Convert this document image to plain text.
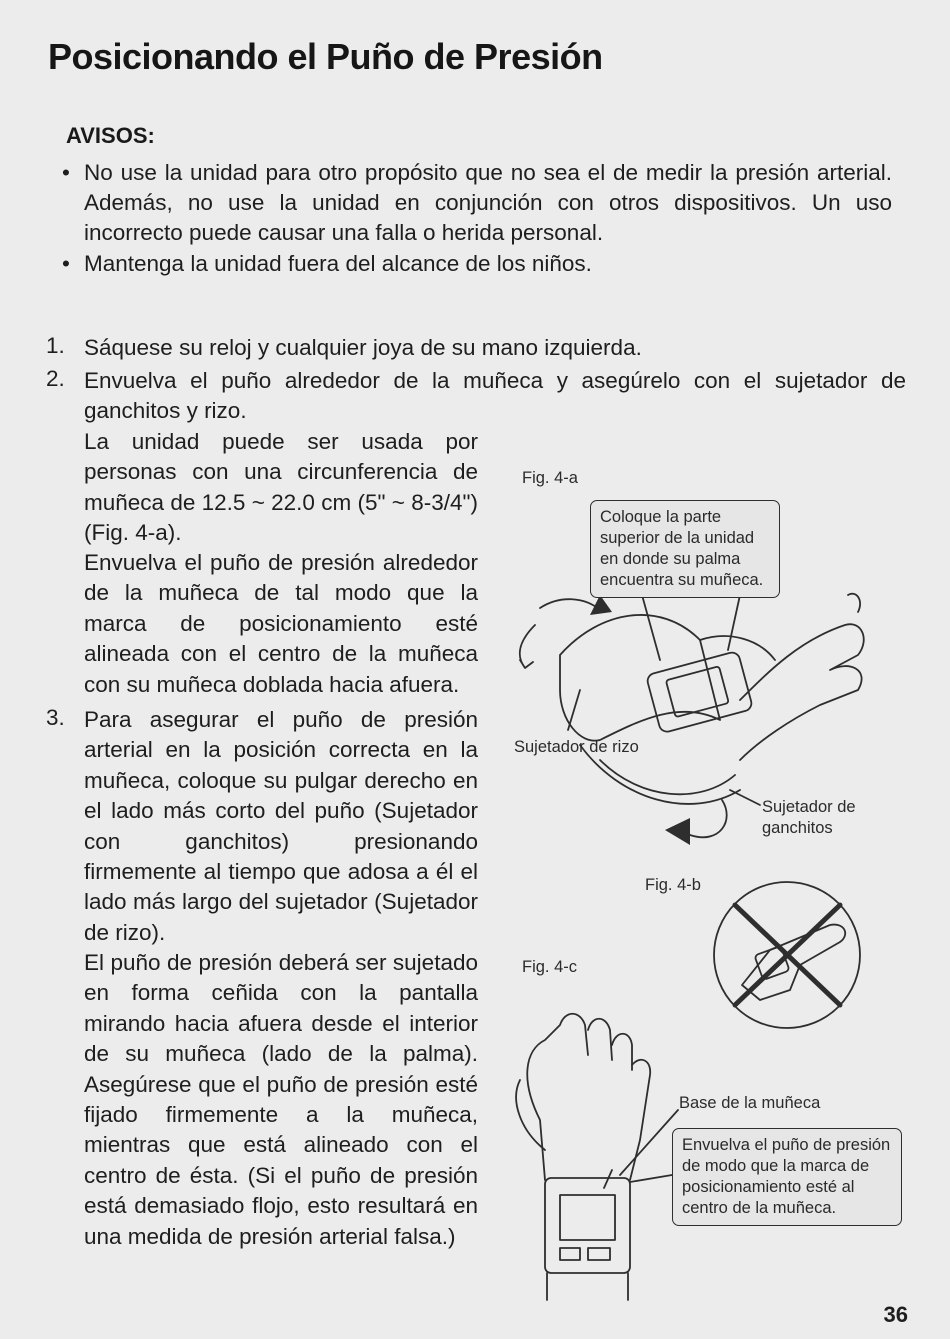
Posicionando el Puño de Presión
AVISOS:
• No use la unidad para otro propósito que no sea el de medir la presión arterial. Además, no use la unidad en conjunción con otros dispositivos. Un uso incorrecto puede causar una falla o herida personal.
• Mantenga la unidad fuera del alcance de los niños.
1. Sáquese su reloj y cualquier joya de su mano izquierda.
2. Envuelva el puño alrededor de la muñeca y asegúrelo con el sujetador de ganchitos y rizo.
La unidad puede ser usada por personas con una circunferencia de muñeca de 12.5 ~ 22.0 cm (5" ~ 8-3/4") (Fig. 4-a).
Envuelva el puño de presión alrededor de la muñeca de tal modo que la marca de posicionamiento esté alineada con el centro de la muñeca con su muñeca doblada hacia afuera.
3. Para asegurar el puño de presión arterial en la posición correcta en la muñeca, coloque su pulgar derecho en el lado más corto del puño (Sujetador con ganchitos) presionando firmemente al tiempo que adosa a él el lado más largo del sujetador (Sujetador de rizo).
El puño de presión deberá ser sujetado en forma ceñida con la pantalla mirando hacia afuera desde el interior de su muñeca (lado de la palma). Asegúrese que el puño de presión esté fijado firmemente a la muñeca, mientras que está alineado con el centro de ésta. (Si el puño de presión está demasiado flojo, esto resultará en una medida de presión arterial falsa.)
Fig. 4-a
Coloque la parte superior de la unidad en donde su palma encuentra su muñeca.
Sujetador de rizo
Sujetador de ganchitos
Fig. 4-b
Fig. 4-c
Base de la muñeca
Envuelva el puño de presión de modo que la marca de posicionamiento esté al centro de la muñeca.
36
